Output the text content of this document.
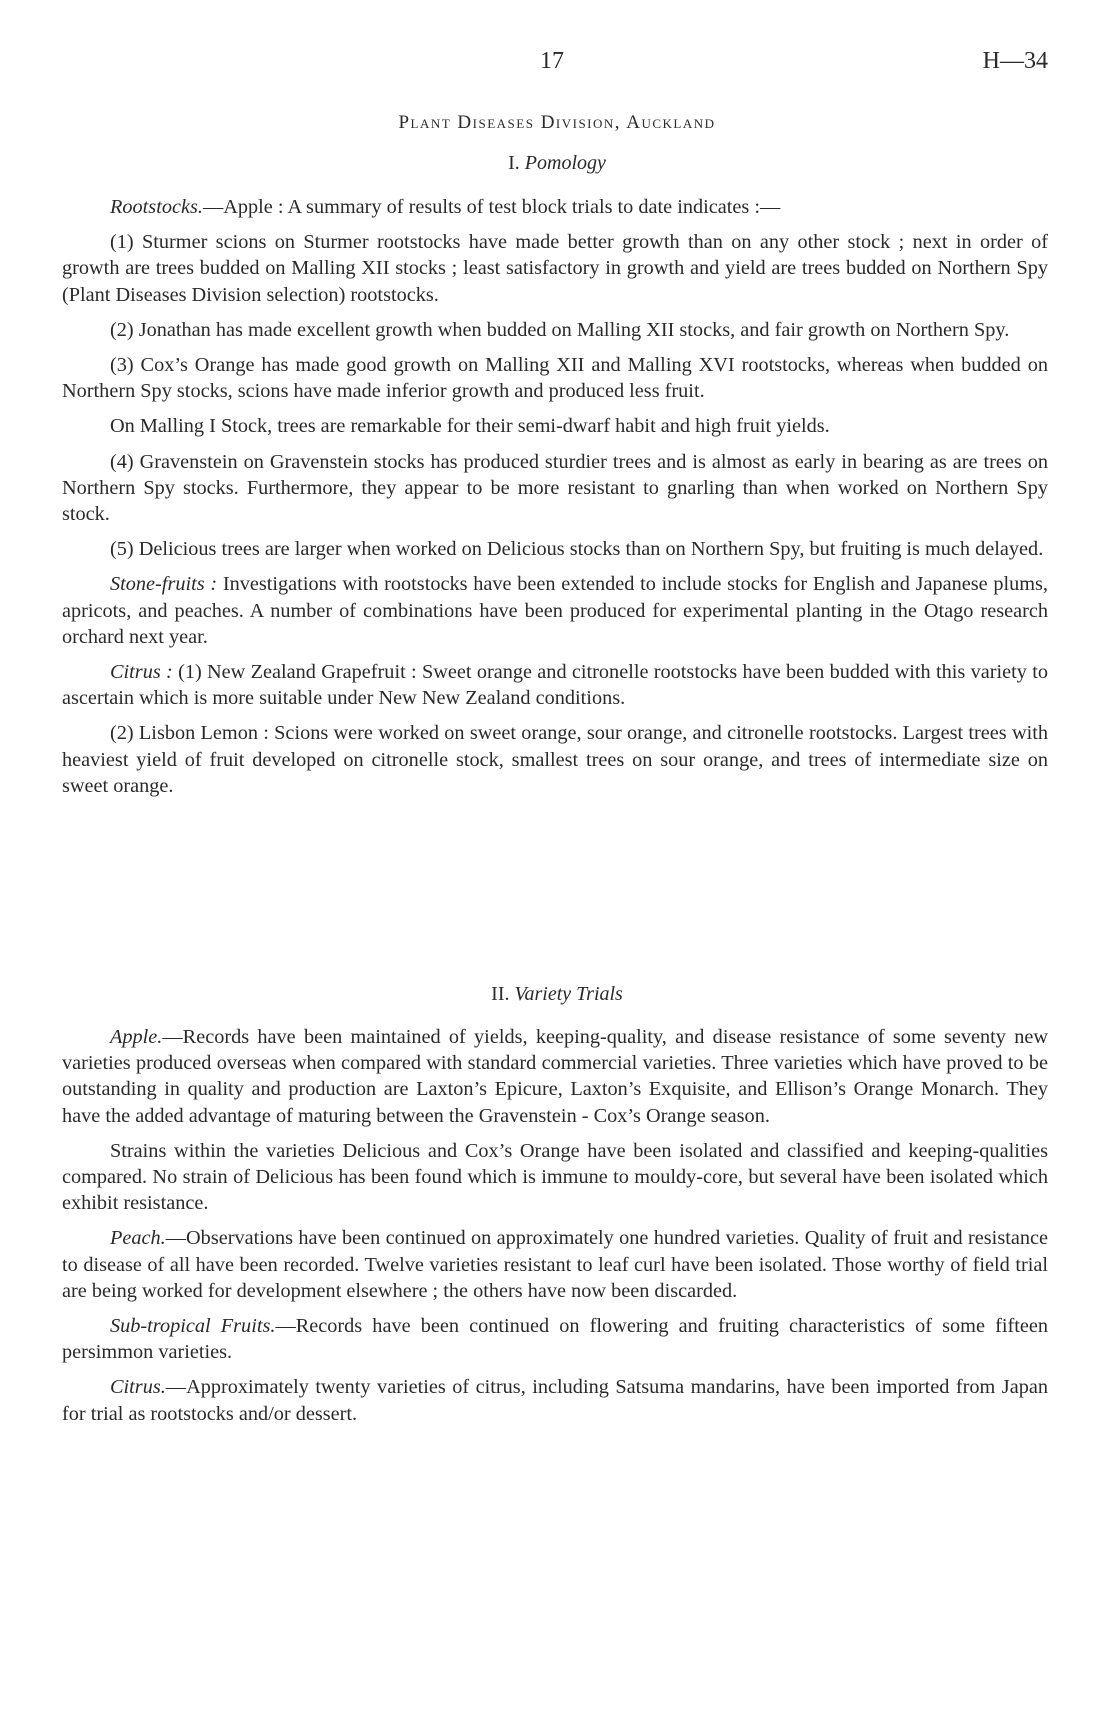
17	H—34
Plant Diseases Division, Auckland
I. Pomology

Rootstocks.—Apple : A summary of results of test block trials to date indicates :—

(1) Sturmer scions on Sturmer rootstocks have made better growth than on any other stock ; next in order of growth are trees budded on Malling XII stocks ; least satisfactory in growth and yield are trees budded on Northern Spy (Plant Diseases Division selection) rootstocks.

(2) Jonathan has made excellent growth when budded on Malling XII stocks, and fair growth on Northern Spy.

(3) Cox’s Orange has made good growth on Malling XII and Malling XVI rootstocks, whereas when budded on Northern Spy stocks, scions have made inferior growth and produced less fruit.

On Malling I Stock, trees are remarkable for their semi-dwarf habit and high fruit yields.

(4) Gravenstein on Gravenstein stocks has produced sturdier trees and is almost as early in bearing as are trees on Northern Spy stocks. Furthermore, they appear to be more resistant to gnarling than when worked on Northern Spy stock.

(5) Delicious trees are larger when worked on Delicious stocks than on Northern Spy, but fruiting is much delayed.

Stone-fruits : Investigations with rootstocks have been extended to include stocks for English and Japanese plums, apricots, and peaches. A number of combinations have been produced for experimental planting in the Otago research orchard next year.

Citrus : (1) New Zealand Grapefruit : Sweet orange and citronelle rootstocks have been budded with this variety to ascertain which is more suitable under New New Zealand conditions.

(2) Lisbon Lemon : Scions were worked on sweet orange, sour orange, and citronelle rootstocks. Largest trees with heaviest yield of fruit developed on citronelle stock, smallest trees on sour orange, and trees of intermediate size on sweet orange.

II. Variety Trials

Apple.—Records have been maintained of yields, keeping-quality, and disease resistance of some seventy new varieties produced overseas when compared with standard commercial varieties. Three varieties which have proved to be outstanding in quality and production are Laxton’s Epicure, Laxton’s Exquisite, and Ellison’s Orange Monarch. They have the added advantage of maturing between the Gravenstein - Cox’s Orange season.

Strains within the varieties Delicious and Cox’s Orange have been isolated and classified and keeping-qualities compared. No strain of Delicious has been found which is immune to mouldy-core, but several have been isolated which exhibit resistance.

Peach.—Observations have been continued on approximately one hundred varieties. Quality of fruit and resistance to disease of all have been recorded. Twelve varieties resistant to leaf curl have been isolated. Those worthy of field trial are being worked for development elsewhere ; the others have now been discarded.

Sub-tropical Fruits.—Records have been continued on flowering and fruiting characteristics of some fifteen persimmon varieties.

Citrus.—Approximately twenty varieties of citrus, including Satsuma mandarins, have been imported from Japan for trial as rootstocks and/or dessert.
